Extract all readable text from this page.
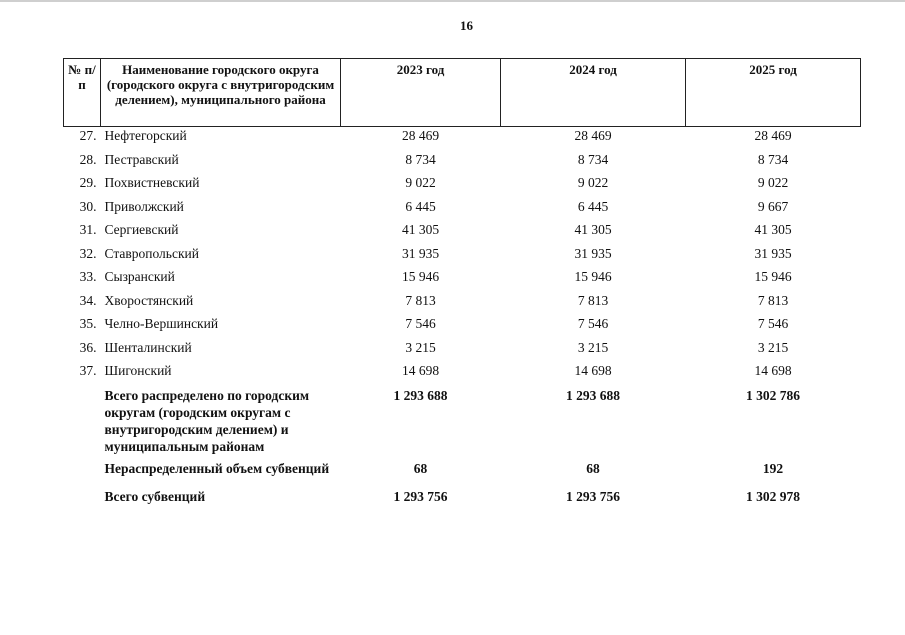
16
№ п/п	Наименование городского округа (городского округа с внутригородским делением), муниципального района	2023 год	2024 год	2025 год
27.	Нефтегорский	28 469	28 469	28 469
28.	Пестравский	8 734	8 734	8 734
29.	Похвистневский	9 022	9 022	9 022
30.	Приволжский	6 445	6 445	9 667
31.	Сергиевский	41 305	41 305	41 305
32.	Ставропольский	31 935	31 935	31 935
33.	Сызранский	15 946	15 946	15 946
34.	Хворостянский	7 813	7 813	7 813
35.	Челно-Вершинский	7 546	7 546	7 546
36.	Шенталинский	3 215	3 215	3 215
37.	Шигонский	14 698	14 698	14 698
	Всего распределено по городским округам (городским округам с внутригородским делением) и муниципальным районам	1 293 688	1 293 688	1 302 786
	Нераспределенный объем субвенций	68	68	192
	Всего субвенций	1 293 756	1 293 756	1 302 978
